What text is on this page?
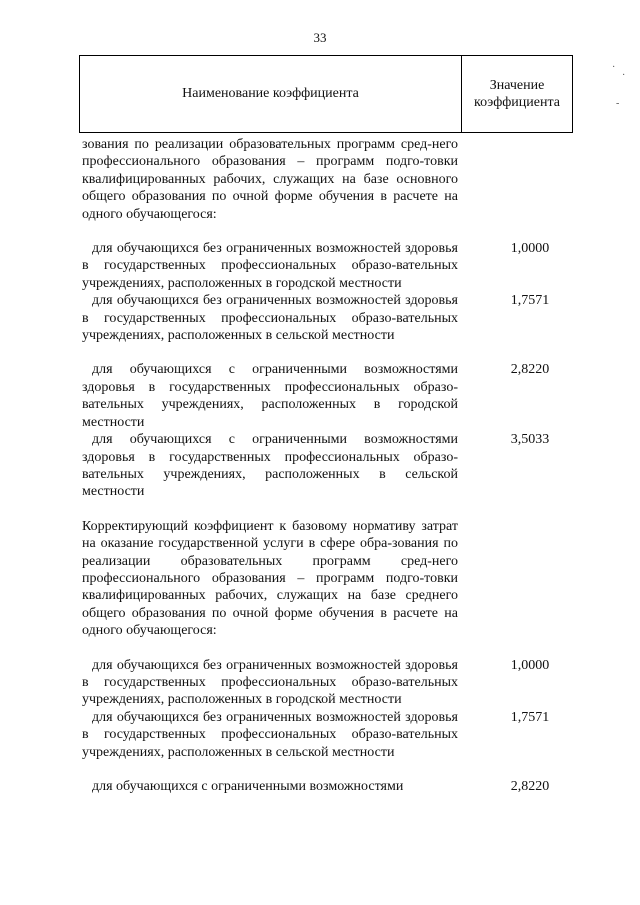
33
Наименование коэффициента
Значение
коэффициента
зования по реализации образовательных программ сред-него профессионального образования – программ подго-товки квалифицированных рабочих, служащих на базе основного общего образования по очной форме обучения в расчете на одного обучающегося:
для обучающихся без ограниченных возможностей здоровья в государственных профессиональных образо-вательных учреждениях, расположенных в городской местности
1,0000
для обучающихся без ограниченных возможностей здоровья в государственных профессиональных образо-вательных учреждениях, расположенных в сельской местности
1,7571
для обучающихся с ограниченными возможностями здоровья в государственных профессиональных образо-вательных учреждениях, расположенных в городской местности
2,8220
для обучающихся с ограниченными возможностями здоровья в государственных профессиональных образо-вательных учреждениях, расположенных в сельской местности
3,5033
Корректирующий коэффициент к базовому нормативу затрат на оказание государственной услуги в сфере обра-зования по реализации образовательных программ сред-него профессионального образования – программ подго-товки квалифицированных рабочих, служащих на базе среднего общего образования по очной форме обучения в расчете на одного обучающегося:
для обучающихся без ограниченных возможностей здоровья в государственных профессиональных образо-вательных учреждениях, расположенных в городской местности
1,0000
для обучающихся без ограниченных возможностей здоровья в государственных профессиональных образо-вательных учреждениях, расположенных в сельской местности
1,7571
для обучающихся с ограниченными возможностями	2,8220
·
·
-
